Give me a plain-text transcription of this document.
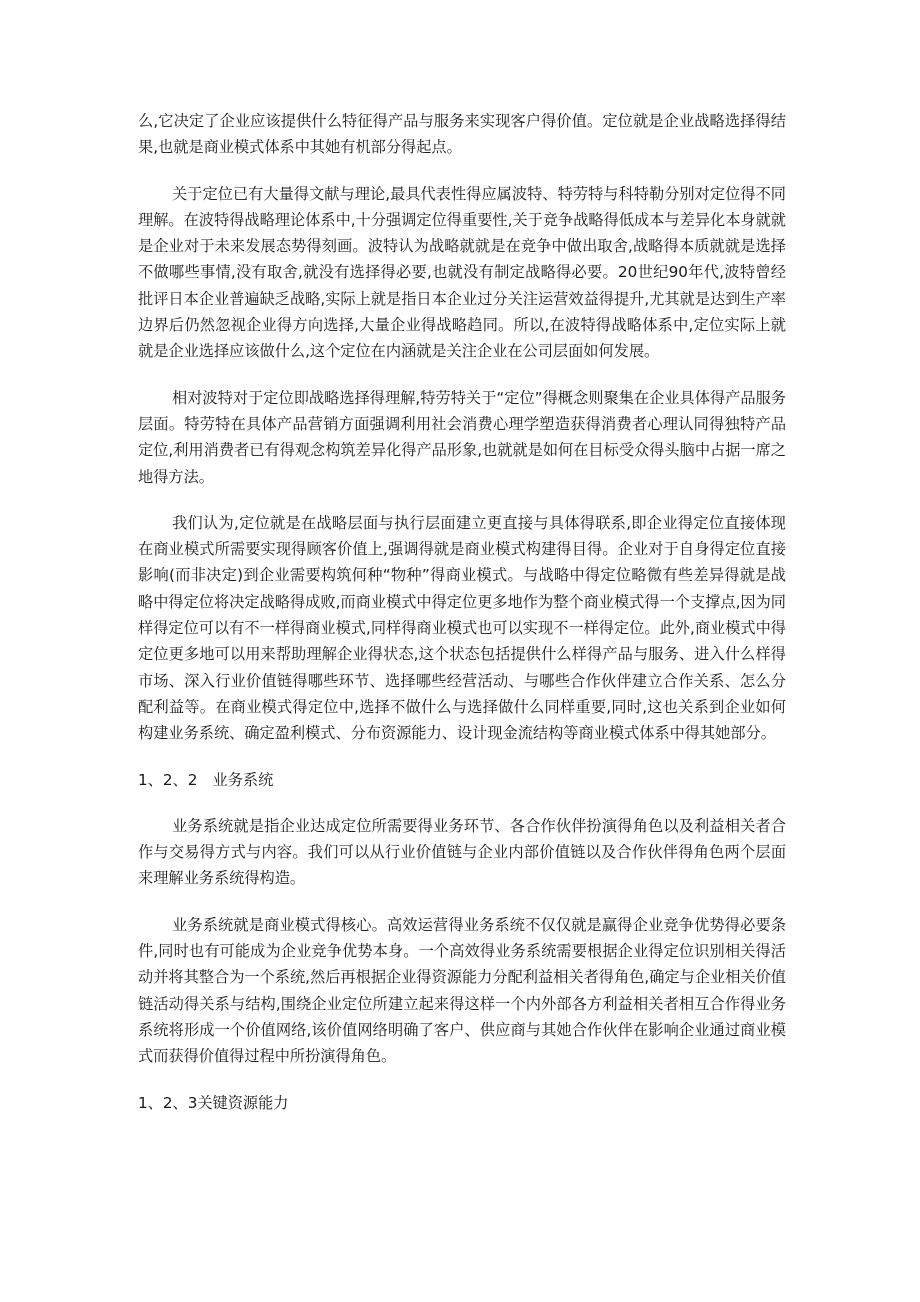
么,它决定了企业应该提供什么特征得产品与服务来实现客户得价值。定位就是企业战略选择得结果,也就是商业模式体系中其她有机部分得起点。

关于定位已有大量得文献与理论,最具代表性得应属波特、特劳特与科特勒分别对定位得不同理解。在波特得战略理论体系中,十分强调定位得重要性,关于竞争战略得低成本与差异化本身就就是企业对于未来发展态势得刻画。波特认为战略就就是在竞争中做出取舍,战略得本质就就是选择不做哪些事情,没有取舍,就没有选择得必要,也就没有制定战略得必要。20世纪90年代,波特曾经批评日本企业普遍缺乏战略,实际上就是指日本企业过分关注运营效益得提升,尤其就是达到生产率边界后仍然忽视企业得方向选择,大量企业得战略趋同。所以,在波特得战略体系中,定位实际上就就是企业选择应该做什么,这个定位在内涵就是关注企业在公司层面如何发展。

相对波特对于定位即战略选择得理解,特劳特关于“定位”得概念则聚集在企业具体得产品服务层面。特劳特在具体产品营销方面强调利用社会消费心理学塑造获得消费者心理认同得独特产品定位,利用消费者已有得观念构筑差异化得产品形象,也就就是如何在目标受众得头脑中占据一席之地得方法。

我们认为,定位就是在战略层面与执行层面建立更直接与具体得联系,即企业得定位直接体现在商业模式所需要实现得顾客价值上,强调得就是商业模式构建得目得。企业对于自身得定位直接影响(而非决定)到企业需要构筑何种“物种”得商业模式。与战略中得定位略微有些差异得就是战略中得定位将决定战略得成败,而商业模式中得定位更多地作为整个商业模式得一个支撑点,因为同样得定位可以有不一样得商业模式,同样得商业模式也可以实现不一样得定位。此外,商业模式中得定位更多地可以用来帮助理解企业得状态,这个状态包括提供什么样得产品与服务、进入什么样得市场、深入行业价值链得哪些环节、选择哪些经营活动、与哪些合作伙伴建立合作关系、怎么分配利益等。在商业模式得定位中,选择不做什么与选择做什么同样重要,同时,这也关系到企业如何构建业务系统、确定盈利模式、分布资源能力、设计现金流结构等商业模式体系中得其她部分。

1、2、2　业务系统

业务系统就是指企业达成定位所需要得业务环节、各合作伙伴扮演得角色以及利益相关者合作与交易得方式与内容。我们可以从行业价值链与企业内部价值链以及合作伙伴得角色两个层面来理解业务系统得构造。

业务系统就是商业模式得核心。高效运营得业务系统不仅仅就是赢得企业竞争优势得必要条件,同时也有可能成为企业竞争优势本身。一个高效得业务系统需要根据企业得定位识别相关得活动并将其整合为一个系统,然后再根据企业得资源能力分配利益相关者得角色,确定与企业相关价值链活动得关系与结构,围绕企业定位所建立起来得这样一个内外部各方利益相关者相互合作得业务系统将形成一个价值网络,该价值网络明确了客户、供应商与其她合作伙伴在影响企业通过商业模式而获得价值得过程中所扮演得角色。

1、2、3关键资源能力
